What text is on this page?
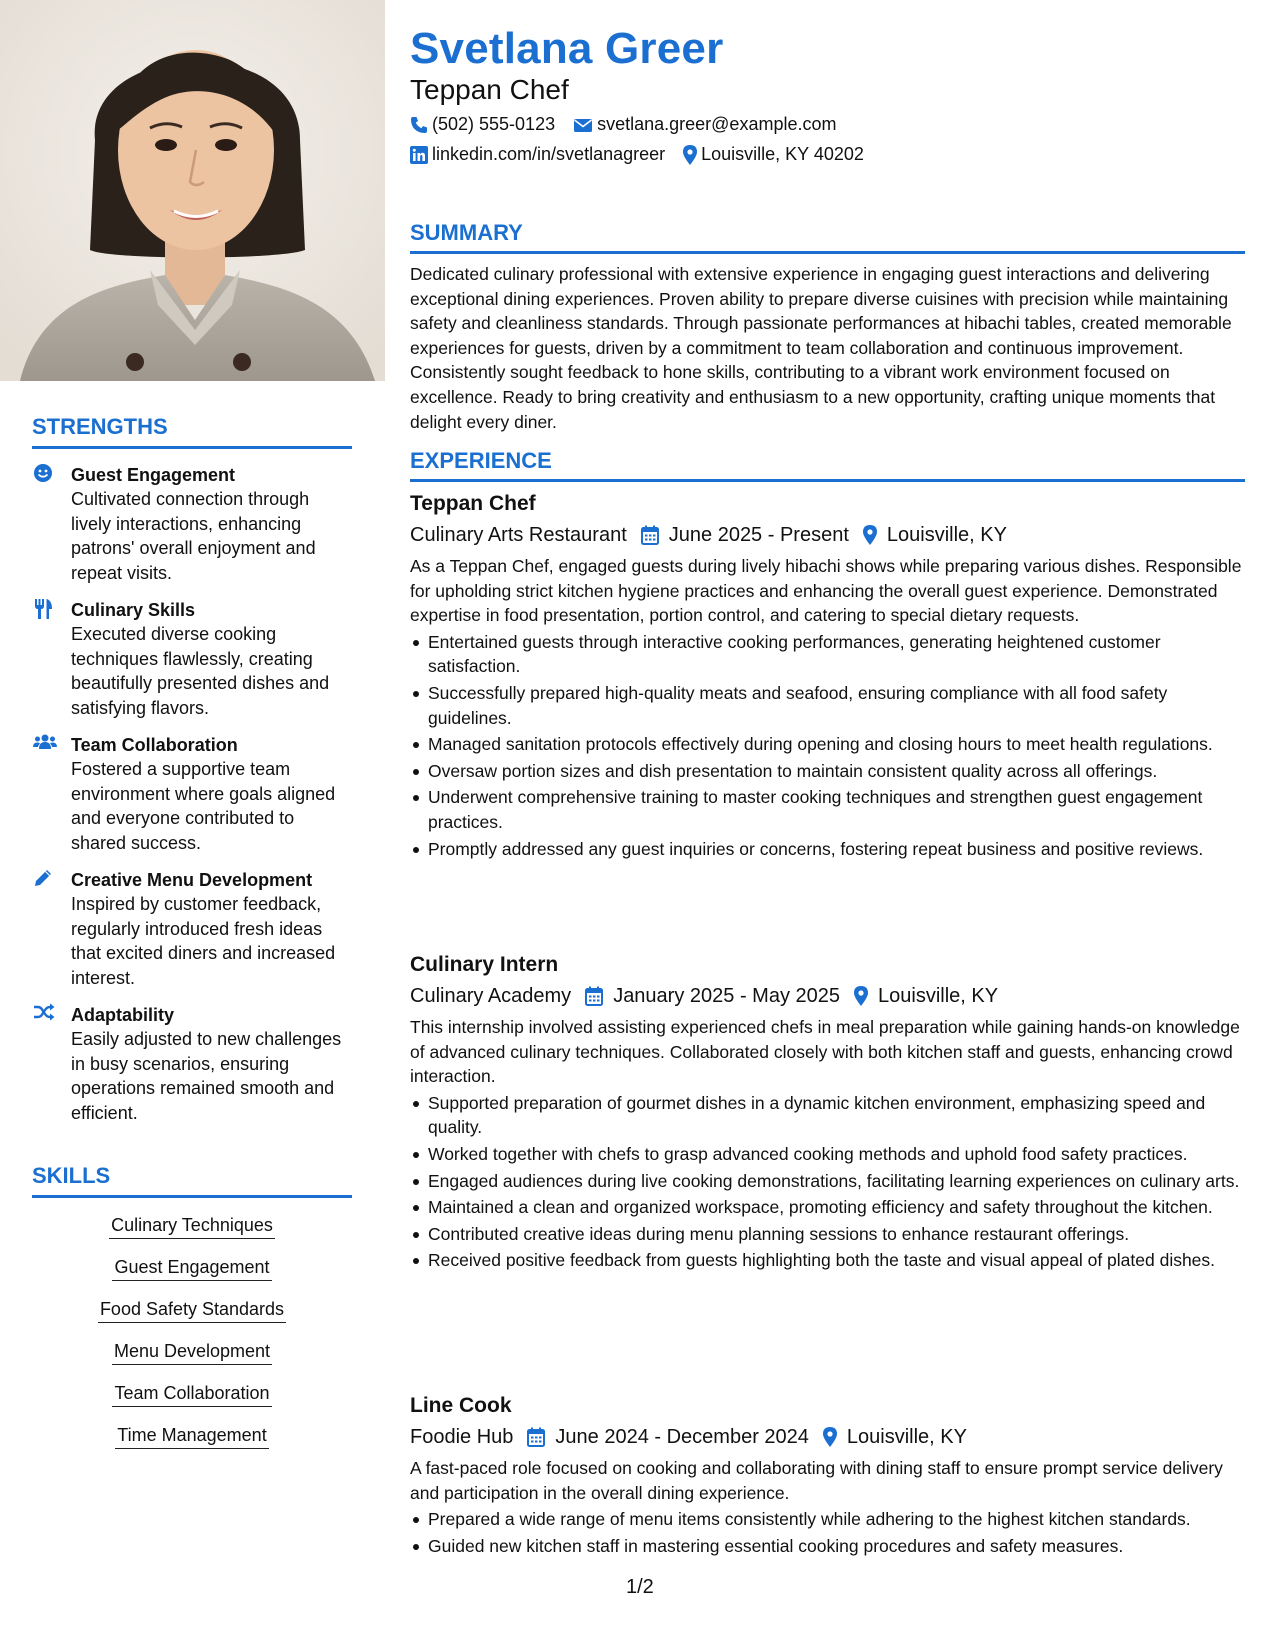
STRENGTHS
Guest Engagement
Cultivated connection through lively interactions, enhancing patrons' overall enjoyment and repeat visits.
Culinary Skills
Executed diverse cooking techniques flawlessly, creating beautifully presented dishes and satisfying flavors.
Team Collaboration
Fostered a supportive team environment where goals aligned and everyone contributed to shared success.
Creative Menu Development
Inspired by customer feedback, regularly introduced fresh ideas that excited diners and increased interest.
Adaptability
Easily adjusted to new challenges in busy scenarios, ensuring operations remained smooth and efficient.
SKILLS
Culinary Techniques
Guest Engagement
Food Safety Standards
Menu Development
Team Collaboration
Time Management
Svetlana Greer
Teppan Chef
(502) 555-0123 svetlana.greer@example.com
linkedin.com/in/svetlanagreer Louisville, KY 40202
SUMMARY
Dedicated culinary professional with extensive experience in engaging guest interactions and delivering exceptional dining experiences. Proven ability to prepare diverse cuisines with precision while maintaining safety and cleanliness standards. Through passionate performances at hibachi tables, created memorable experiences for guests, driven by a commitment to team collaboration and continuous improvement. Consistently sought feedback to hone skills, contributing to a vibrant work environment focused on excellence. Ready to bring creativity and enthusiasm to a new opportunity, crafting unique moments that delight every diner.
EXPERIENCE
Teppan Chef
Culinary Arts Restaurant June 2025 - Present Louisville, KY
As a Teppan Chef, engaged guests during lively hibachi shows while preparing various dishes. Responsible for upholding strict kitchen hygiene practices and enhancing the overall guest experience. Demonstrated expertise in food presentation, portion control, and catering to special dietary requests.
Entertained guests through interactive cooking performances, generating heightened customer satisfaction.
Successfully prepared high-quality meats and seafood, ensuring compliance with all food safety guidelines.
Managed sanitation protocols effectively during opening and closing hours to meet health regulations.
Oversaw portion sizes and dish presentation to maintain consistent quality across all offerings.
Underwent comprehensive training to master cooking techniques and strengthen guest engagement practices.
Promptly addressed any guest inquiries or concerns, fostering repeat business and positive reviews.
Culinary Intern
Culinary Academy January 2025 - May 2025 Louisville, KY
This internship involved assisting experienced chefs in meal preparation while gaining hands-on knowledge of advanced culinary techniques. Collaborated closely with both kitchen staff and guests, enhancing crowd interaction.
Supported preparation of gourmet dishes in a dynamic kitchen environment, emphasizing speed and quality.
Worked together with chefs to grasp advanced cooking methods and uphold food safety practices.
Engaged audiences during live cooking demonstrations, facilitating learning experiences on culinary arts.
Maintained a clean and organized workspace, promoting efficiency and safety throughout the kitchen.
Contributed creative ideas during menu planning sessions to enhance restaurant offerings.
Received positive feedback from guests highlighting both the taste and visual appeal of plated dishes.
Line Cook
Foodie Hub June 2024 - December 2024 Louisville, KY
A fast-paced role focused on cooking and collaborating with dining staff to ensure prompt service delivery and participation in the overall dining experience.
Prepared a wide range of menu items consistently while adhering to the highest kitchen standards.
Guided new kitchen staff in mastering essential cooking procedures and safety measures.
1/2
